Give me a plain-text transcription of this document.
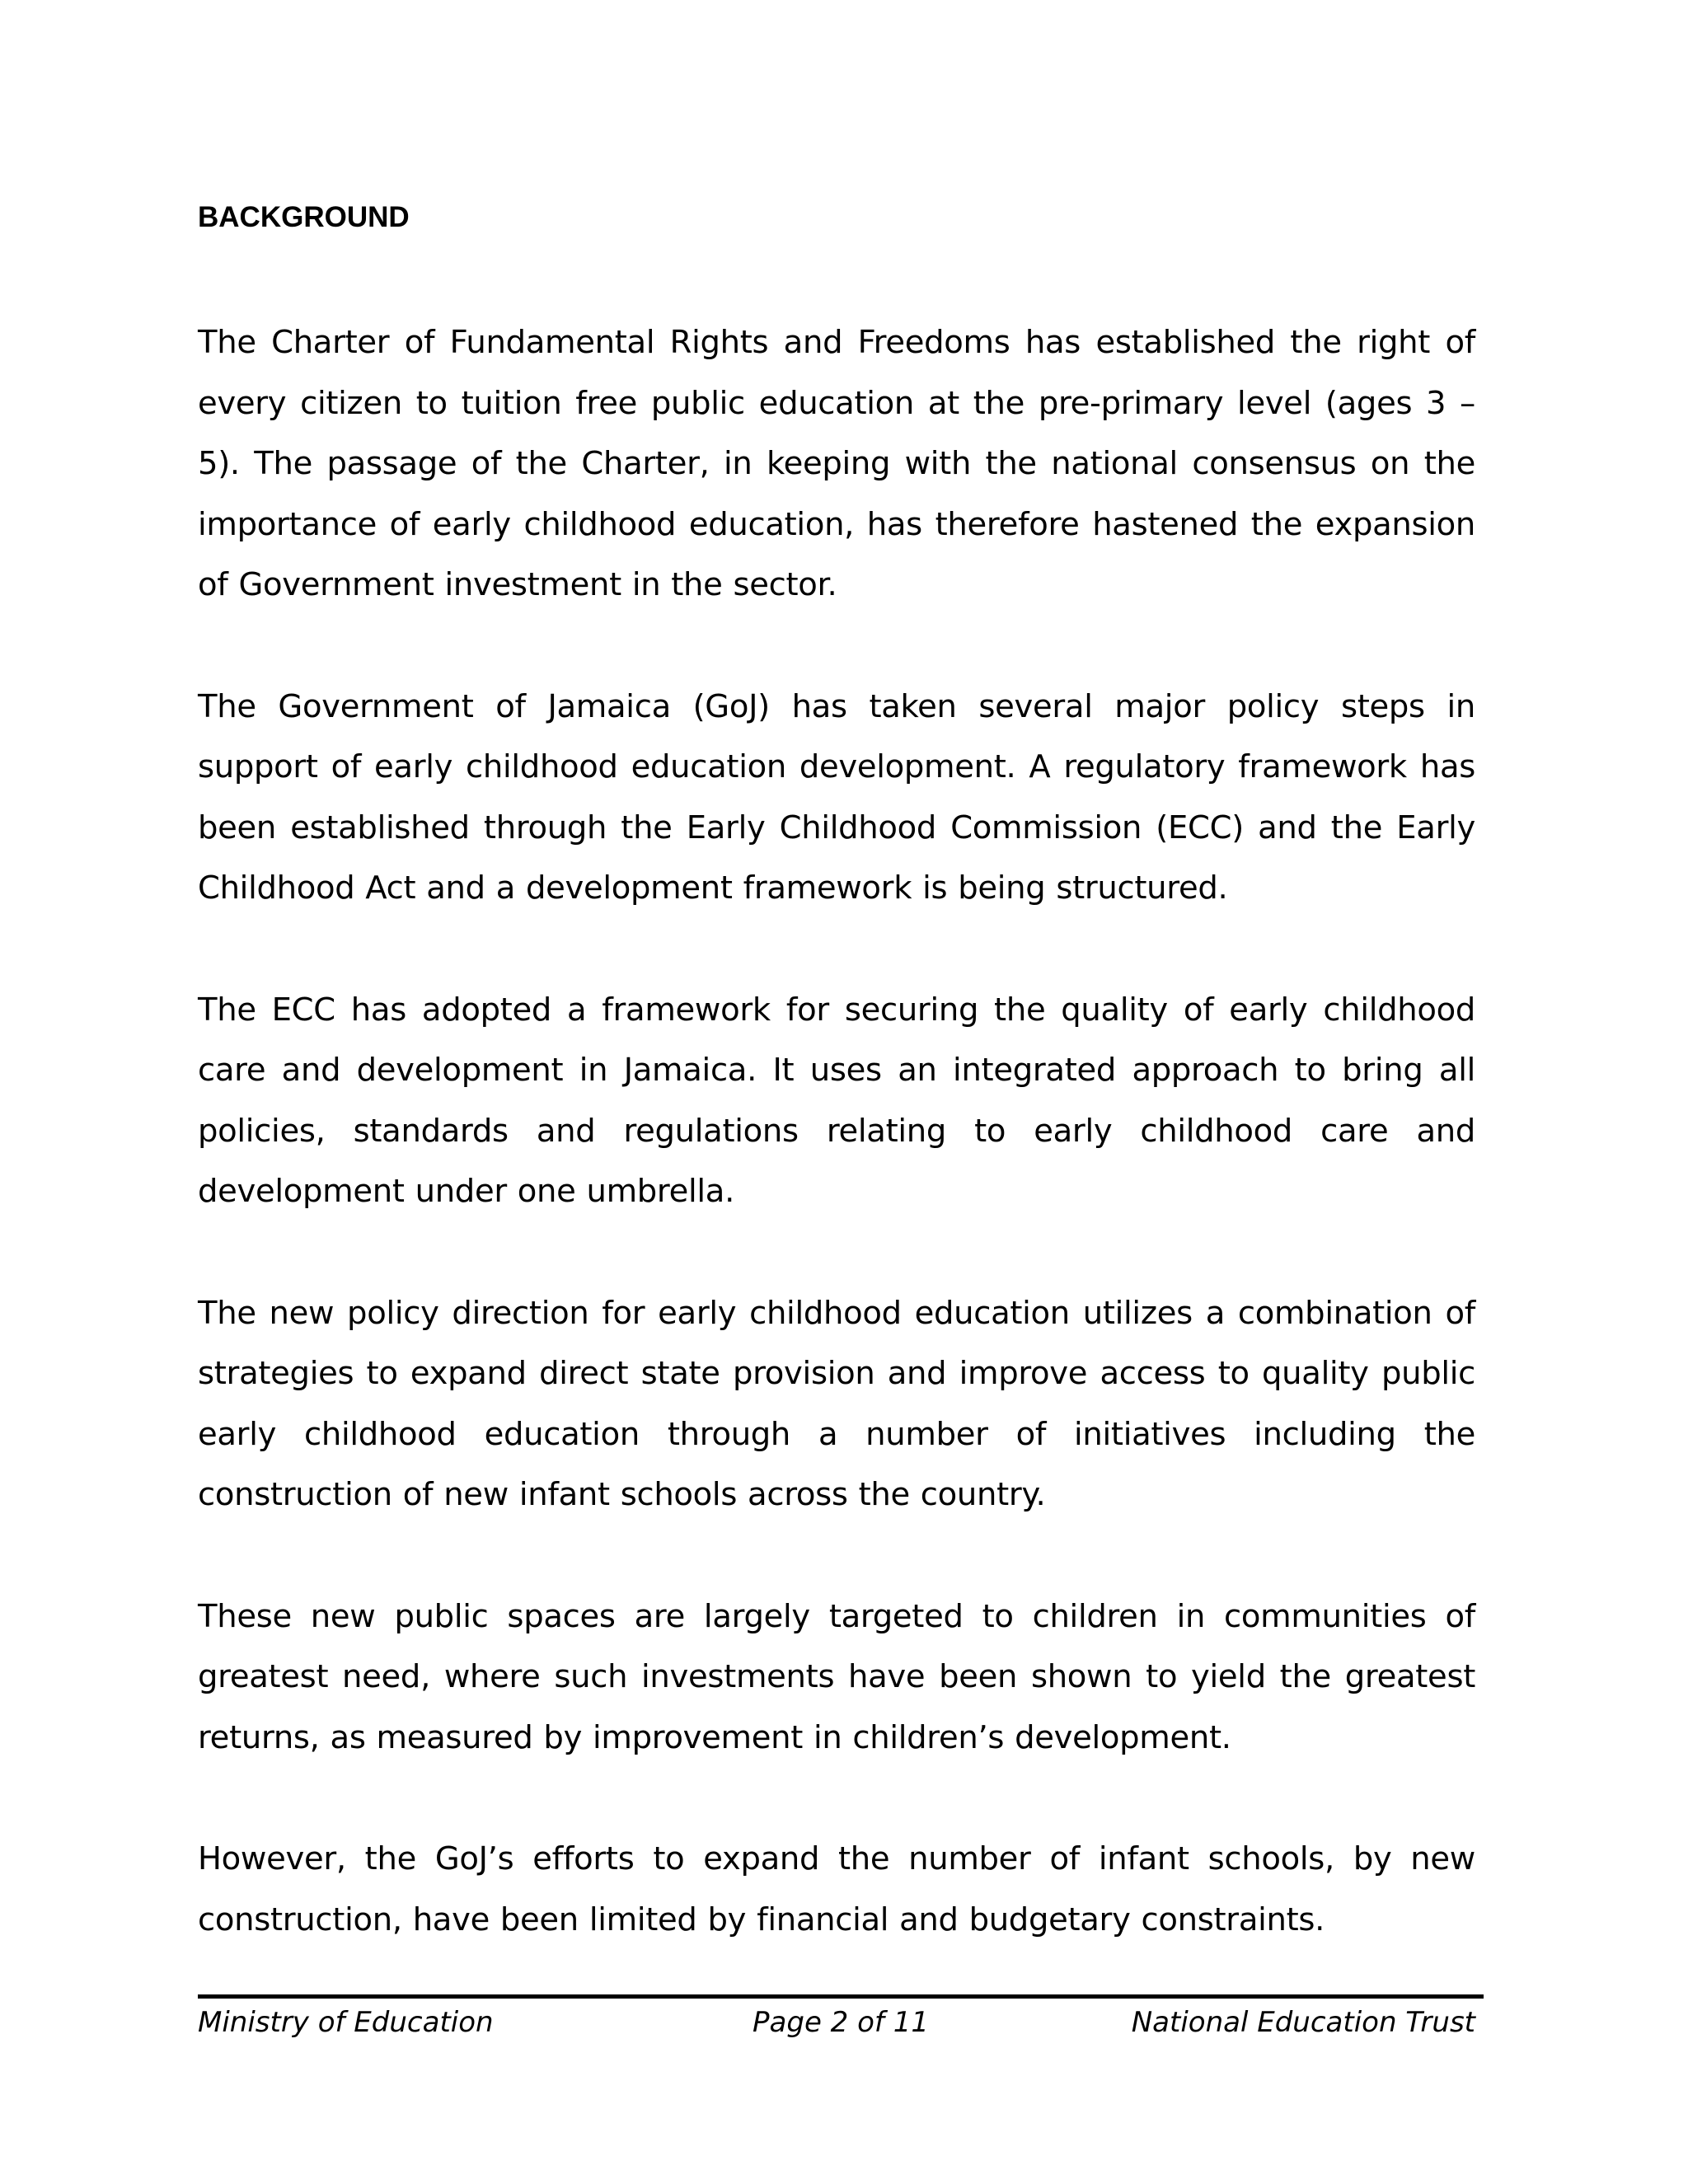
BACKGROUND

The Charter of Fundamental Rights and Freedoms has established the right of every citizen to tuition free public education at the pre-primary level (ages 3 – 5). The passage of the Charter, in keeping with the national consensus on the importance of early childhood education, has therefore hastened the expansion of Government investment in the sector.

The Government of Jamaica (GoJ) has taken several major policy steps in support of early childhood education development. A regulatory framework has been established through the Early Childhood Commission (ECC) and the Early Childhood Act and a development framework is being structured.

The ECC has adopted a framework for securing the quality of early childhood care and development in Jamaica. It uses an integrated approach to bring all policies, standards and regulations relating to early childhood care and development under one umbrella.

The new policy direction for early childhood education utilizes a combination of strategies to expand direct state provision and improve access to quality public early childhood education through a number of initiatives including the construction of new infant schools across the country.

These new public spaces are largely targeted to children in communities of greatest need, where such investments have been shown to yield the greatest returns, as measured by improvement in children’s development.

However, the GoJ’s efforts to expand the number of infant schools, by new construction, have been limited by financial and budgetary constraints.

Ministry of Education	Page 2 of 11	National Education Trust
